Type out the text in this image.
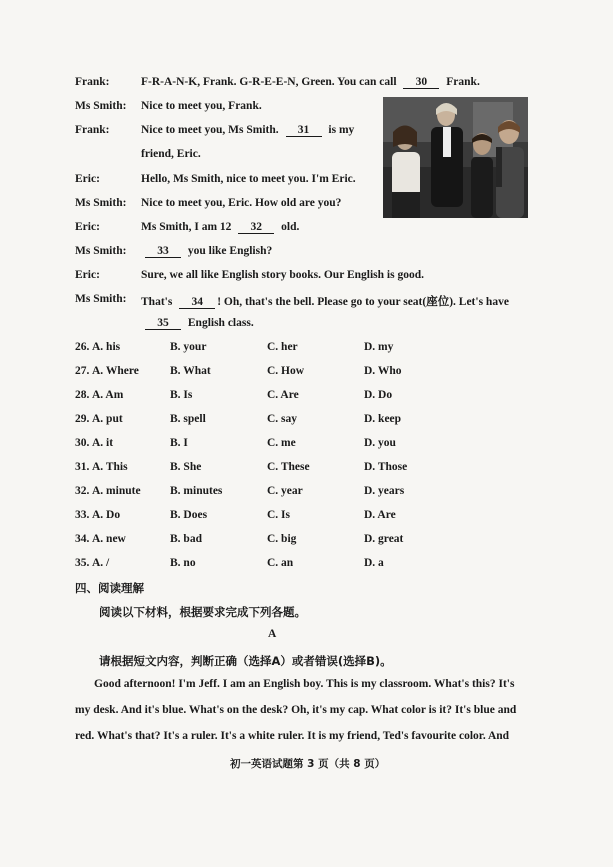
Frank:	F-R-A-N-K, Frank. G-R-E-E-N, Green. You can call 30 Frank.
Ms Smith: Nice to meet you, Frank.
Frank:	Nice to meet you, Ms Smith. 31 is my
friend, Eric.
Eric:	Hello, Ms Smith, nice to meet you. I'm Eric.
Ms Smith: Nice to meet you, Eric. How old are you?
Eric:	Ms Smith, I am 12 32 old.
Ms Smith:	33 you like English?
Eric:	Sure, we all like English story books. Our English is good.
Ms Smith: That's 34 ! Oh, that's the bell. Please go to your seat(座位). Let's have
35 English class.
26. A. his	B. your	C. her	D. my
27. A. Where	B. What	C. How	D. Who
28. A. Am	B. Is	C. Are	D. Do
29. A. put	B. spell	C. say	D. keep
30. A. it	B. I	C. me	D. you
31. A. This	B. She	C. These	D. Those
32. A. minute	B. minutes	C. year	D. years
33. A. Do	B. Does	C. Is	D. Are
34. A. new	B. bad	C. big	D. great
35. A. /	B. no	C. an	D. a
四、阅读理解
阅读以下材料，根据要求完成下列各题。
A
请根据短文内容，判断正确（选择A）或者错误(选择B)。
Good afternoon! I'm Jeff. I am an English boy. This is my classroom. What's this? It's
my desk. And it's blue. What's on the desk? Oh, it's my cap. What color is it? It's blue and
red. What's that? It's a ruler. It's a white ruler. It is my friend, Ted's favourite color. And
初一英语试题第 3 页（共 8 页）
